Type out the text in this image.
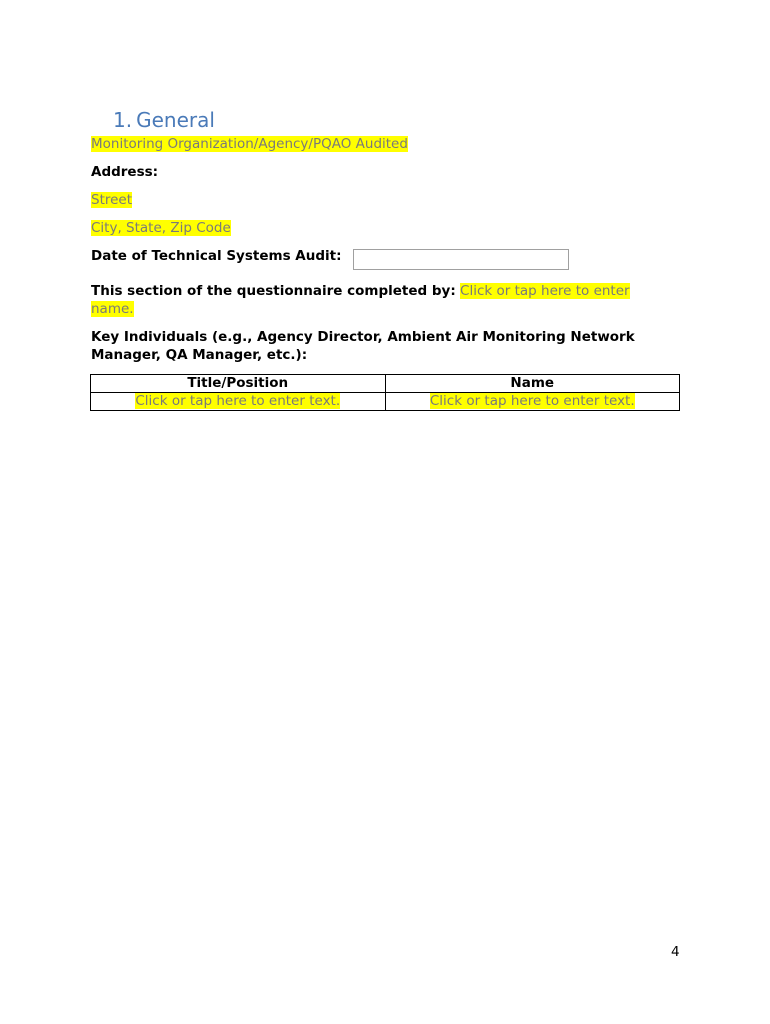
1. General
Monitoring Organization/Agency/PQAO Audited
Address:
Street
City, State, Zip Code
Date of Technical Systems Audit:
This section of the questionnaire completed by: Click or tap here to enter
name.
Key Individuals (e.g., Agency Director, Ambient Air Monitoring Network
Manager, QA Manager, etc.):
Title/Position	Name
Click or tap here to enter text.	Click or tap here to enter text.
4
